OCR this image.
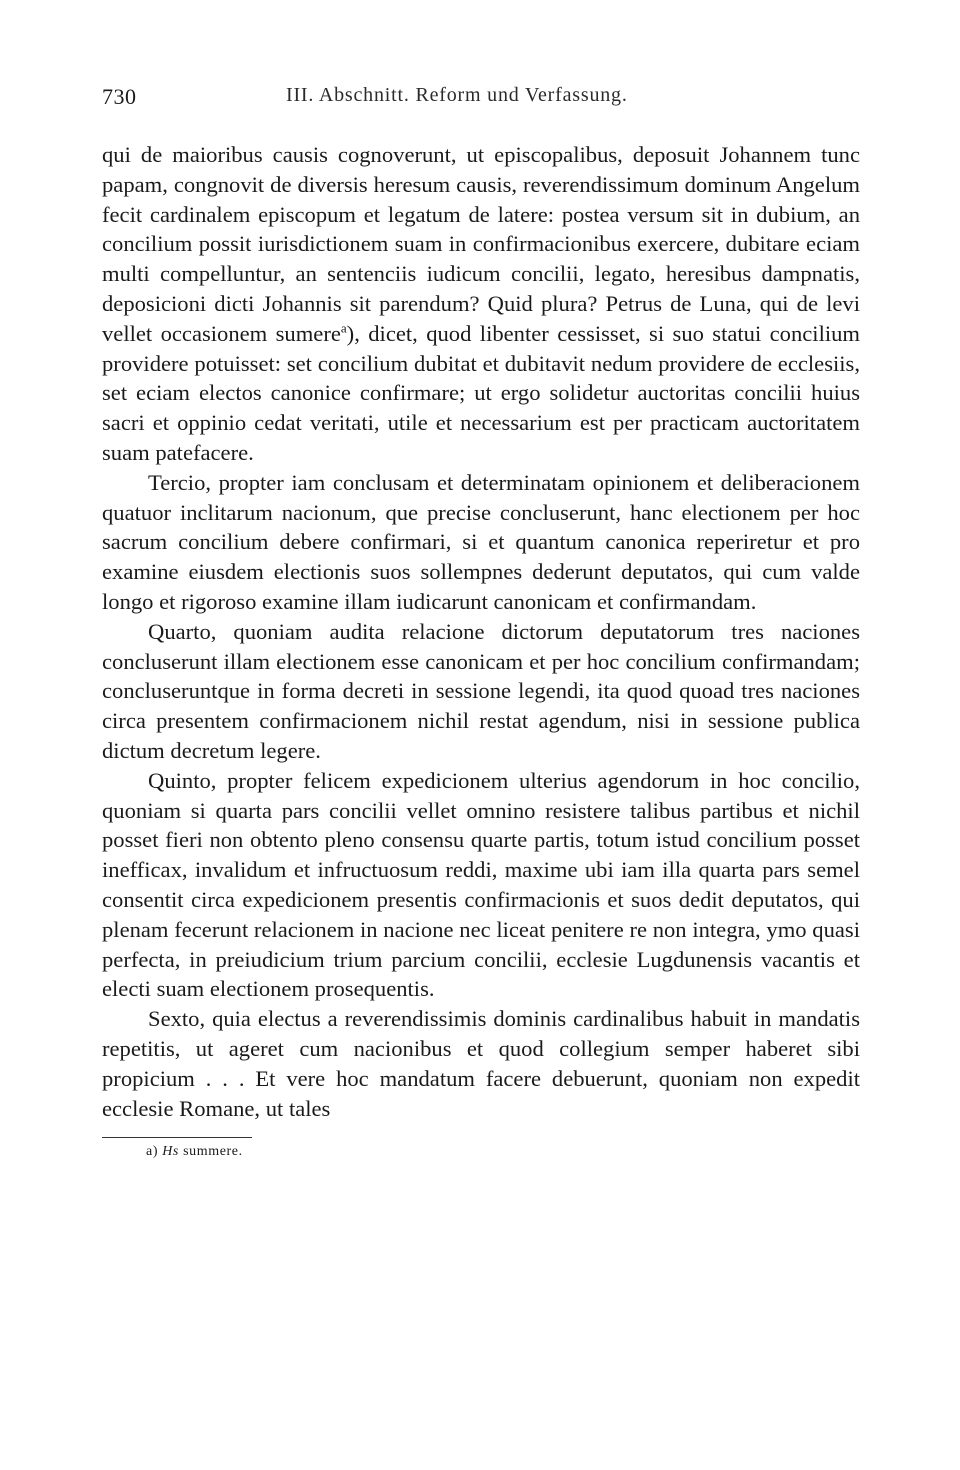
730	III. Abschnitt. Reform und Verfassung.

qui de maioribus causis cognoverunt, ut episcopalibus, deposuit Johannem tunc papam, congnovit de diversis heresum causis, reverendissimum dominum Angelum fecit cardinalem episcopum et legatum de latere: postea versum sit in dubium, an concilium possit iurisdictionem suam in confirmacionibus exercere, dubitare eciam multi compelluntur, an sentenciis iudicum concilii, legato, heresibus dampnatis, deposicioni dicti Johannis sit parendum? Quid plura? Petrus de Luna, qui de levi vellet occasionem sumere$^a$), dicet, quod libenter cessisset, si suo statui concilium providere potuisset: set concilium dubitat et dubitavit nedum providere de ecclesiis, set eciam electos canonice confirmare; ut ergo solidetur auctoritas concilii huius sacri et oppinio cedat veritati, utile et necessarium est per practicam auctoritatem suam patefacere.

Tercio, propter iam conclusam et determinatam opinionem et deliberacionem quatuor inclitarum nacionum, que precise concluserunt, hanc electionem per hoc sacrum concilium debere confirmari, si et quantum canonica reperiretur et pro examine eiusdem electionis suos sollempnes dederunt deputatos, qui cum valde longo et rigoroso examine illam iudicarunt canonicam et confirmandam.

Quarto, quoniam audita relacione dictorum deputatorum tres naciones concluserunt illam electionem esse canonicam et per hoc concilium confirmandam; concluseruntque in forma decreti in sessione legendi, ita quod quoad tres naciones circa presentem confirmacionem nichil restat agendum, nisi in sessione publica dictum decretum legere.

Quinto, propter felicem expedicionem ulterius agendorum in hoc concilio, quoniam si quarta pars concilii vellet omnino resistere talibus partibus et nichil posset fieri non obtento pleno consensu quarte partis, totum istud concilium posset inefficax, invalidum et infructuosum reddi, maxime ubi iam illa quarta pars semel consentit circa expedicionem presentis confirmacionis et suos dedit deputatos, qui plenam fecerunt relacionem in nacione nec liceat penitere re non integra, ymo quasi perfecta, in preiudicium trium parcium concilii, ecclesie Lugdunensis vacantis et electi suam electionem prosequentis.

Sexto, quia electus a reverendissimis dominis cardinalibus habuit in mandatis repetitis, ut ageret cum nacionibus et quod collegium semper haberet sibi propicium . . . Et vere hoc mandatum facere debuerunt, quoniam non expedit ecclesie Romane, ut tales

a) Hs summere.
